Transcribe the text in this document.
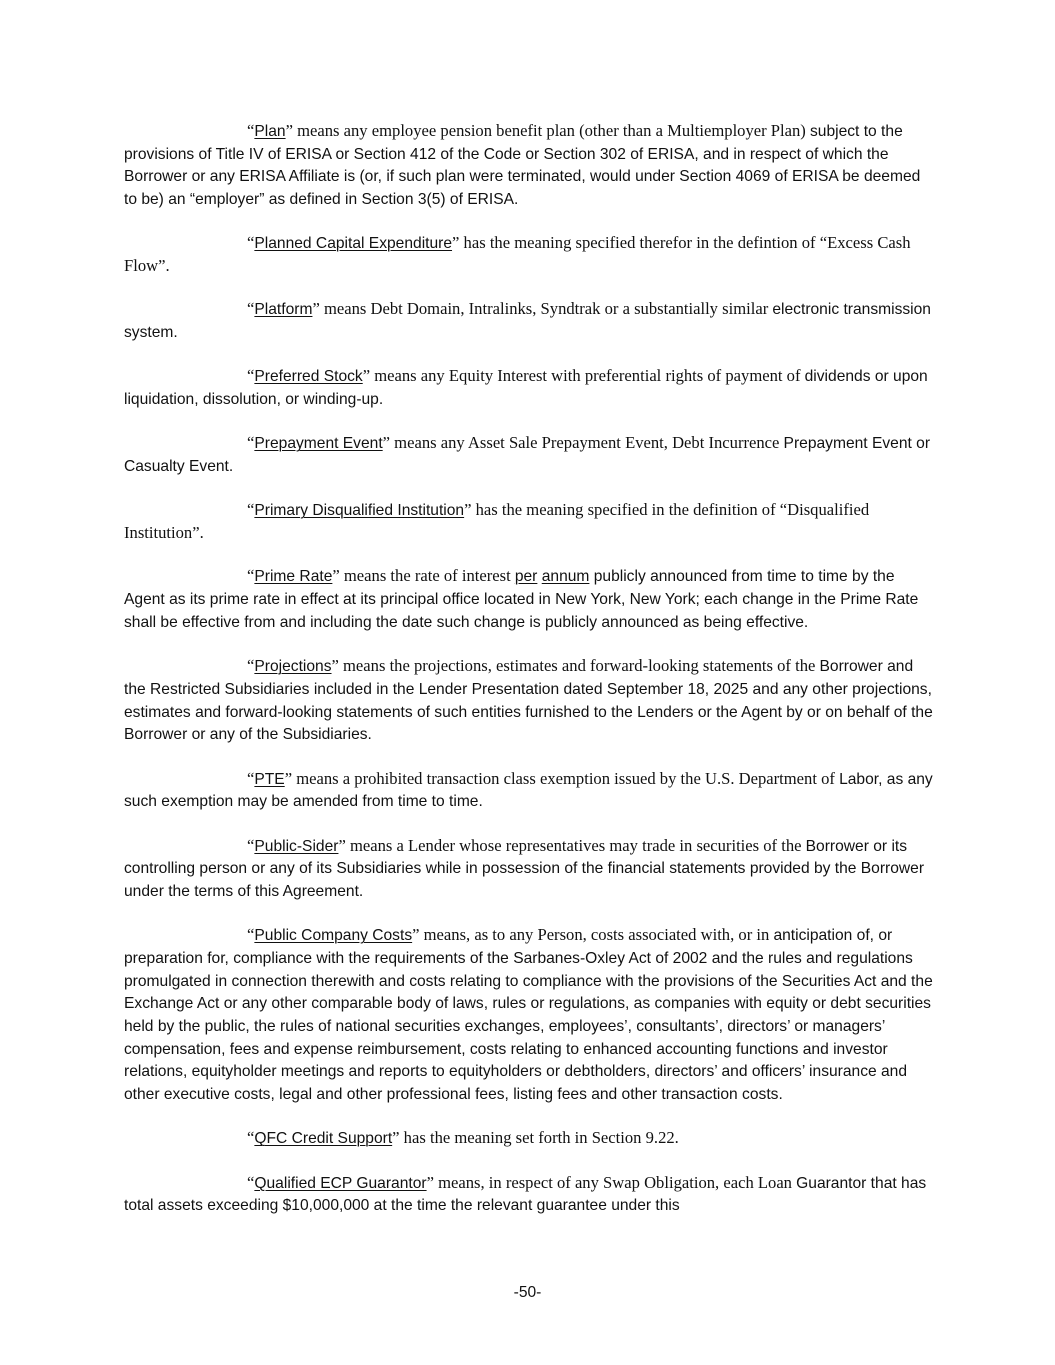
“Plan” means any employee pension benefit plan (other than a Multiemployer Plan) subject to the provisions of Title IV of ERISA or Section 412 of the Code or Section 302 of ERISA, and in respect of which the Borrower or any ERISA Affiliate is (or, if such plan were terminated, would under Section 4069 of ERISA be deemed to be) an “employer” as defined in Section 3(5) of ERISA.

“Planned Capital Expenditure” has the meaning specified therefor in the defintion of “Excess Cash Flow”.

“Platform” means Debt Domain, Intralinks, Syndtrak or a substantially similar electronic transmission system.

“Preferred Stock” means any Equity Interest with preferential rights of payment of dividends or upon liquidation, dissolution, or winding-up.

“Prepayment Event” means any Asset Sale Prepayment Event, Debt Incurrence Prepayment Event or Casualty Event.

“Primary Disqualified Institution” has the meaning specified in the definition of “Disqualified Institution”.

“Prime Rate” means the rate of interest per annum publicly announced from time to time by the Agent as its prime rate in effect at its principal office located in New York, New York; each change in the Prime Rate shall be effective from and including the date such change is publicly announced as being effective.

“Projections” means the projections, estimates and forward-looking statements of the Borrower and the Restricted Subsidiaries included in the Lender Presentation dated September 18, 2025 and any other projections, estimates and forward-looking statements of such entities furnished to the Lenders or the Agent by or on behalf of the Borrower or any of the Subsidiaries.

“PTE” means a prohibited transaction class exemption issued by the U.S. Department of Labor, as any such exemption may be amended from time to time.

“Public-Sider” means a Lender whose representatives may trade in securities of the Borrower or its controlling person or any of its Subsidiaries while in possession of the financial statements provided by the Borrower under the terms of this Agreement.

“Public Company Costs” means, as to any Person, costs associated with, or in anticipation of, or preparation for, compliance with the requirements of the Sarbanes-Oxley Act of 2002 and the rules and regulations promulgated in connection therewith and costs relating to compliance with the provisions of the Securities Act and the Exchange Act or any other comparable body of laws, rules or regulations, as companies with equity or debt securities held by the public, the rules of national securities exchanges, employees’, consultants’, directors’ or managers’ compensation, fees and expense reimbursement, costs relating to enhanced accounting functions and investor relations, equityholder meetings and reports to equityholders or debtholders, directors’ and officers’ insurance and other executive costs, legal and other professional fees, listing fees and other transaction costs.

“QFC Credit Support” has the meaning set forth in Section 9.22.

“Qualified ECP Guarantor” means, in respect of any Swap Obligation, each Loan Guarantor that has total assets exceeding $10,000,000 at the time the relevant guarantee under this

-50-
